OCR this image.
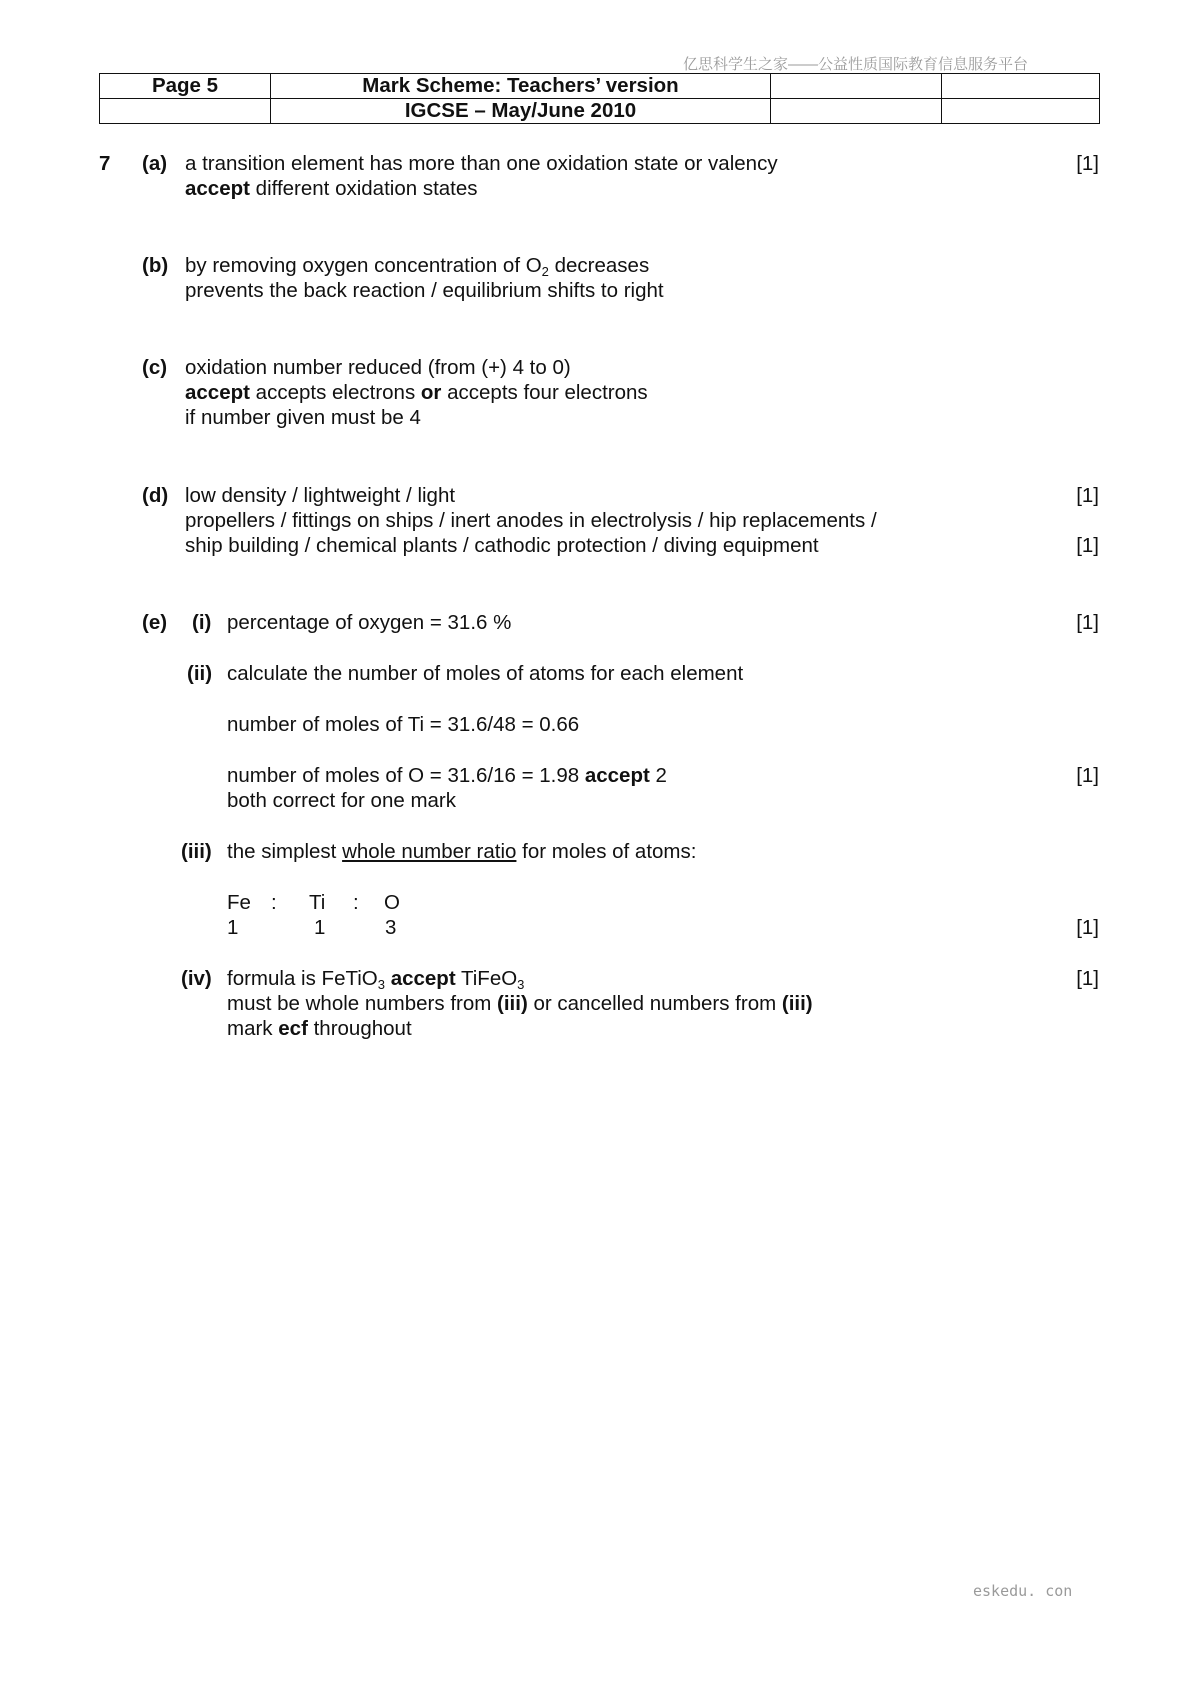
亿思科学生之家——公益性质国际教育信息服务平台
eskedu. con
Page 5	Mark Scheme: Teachers’ version		
	IGCSE – May/June 2010		
7 (a) a transition element has more than one oxidation state or valency	[1]
accept different oxidation states
(b) by removing oxygen concentration of $O_2$ decreases
prevents the back reaction / equilibrium shifts to right
(c) oxidation number reduced (from (+) 4 to 0)
accept accepts electrons or accepts four electrons
if number given must be 4
(d) low density / lightweight / light	[1]
propellers / fittings on ships / inert anodes in electrolysis / hip replacements /
ship building / chemical plants / cathodic protection / diving equipment	[1]
(e) (i) percentage of oxygen = 31.6 %	[1]
(ii) calculate the number of moles of atoms for each element
number of moles of Ti = 31.6/48 = 0.66
number of moles of O = 31.6/16 = 1.98 accept 2	[1]
both correct for one mark
(iii) the simplest whole number ratio for moles of atoms:
Fe : Ti : O
1	1	3	[1]
(iv) formula is FeTiO$_3$ accept TiFeO$_3$	[1]
must be whole numbers from (iii) or cancelled numbers from (iii)
mark ecf throughout
